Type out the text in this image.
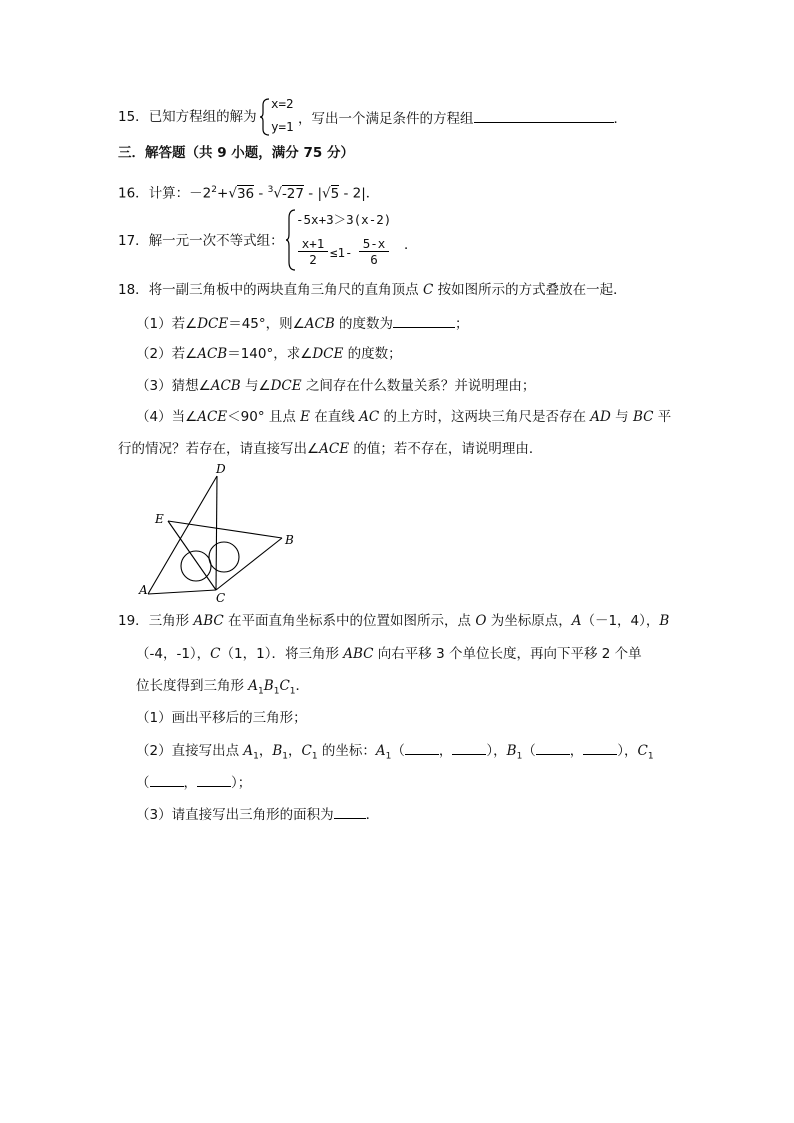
15．已知方程组的解为
x=2
y=1 ，写出一个满足条件的方程组	．
三．解答题（共 9 小题，满分 75 分）
16．计算：$-2^2+√36 - ^3√-27 - |√5 - 2|$．
17．解一元一次不等式组：
-5x+3＞3(x-2)
$\frac{x+1}{2} \le 1- \frac{5-x}{6}$ ．
18．将一副三角板中的两块直角三角尺的直角顶点 C 按如图所示的方式叠放在一起．
（1）若∠DCE＝45°，则∠ACB 的度数为	；
（2）若∠ACB＝140°，求∠DCE 的度数；
（3）猜想∠ACB 与∠DCE 之间存在什么数量关系？并说明理由；
（4）当∠ACE＜90° 且点 E 在直线 AC 的上方时，这两块三角尺是否存在 AD 与 BC 平
行的情况？若存在，请直接写出∠ACE 的值；若不存在，请说明理由．
D
E
B
A
C
19．三角形 ABC 在平面直角坐标系中的位置如图所示，点 O 为坐标原点，A（－1，4），B
（-4，-1），C（1，1）．将三角形 ABC 向右平移 3 个单位长度，再向下平移 2 个单
位长度得到三角形 $A_1B_1C_1$．
（1）画出平移后的三角形；
（2）直接写出点 $A_1$，$B_1$，$C_1$ 的坐标：$A_1$（	，	），$B_1$（	，	），$C_1$
（	，	）；
（3）请直接写出三角形的面积为 ．
